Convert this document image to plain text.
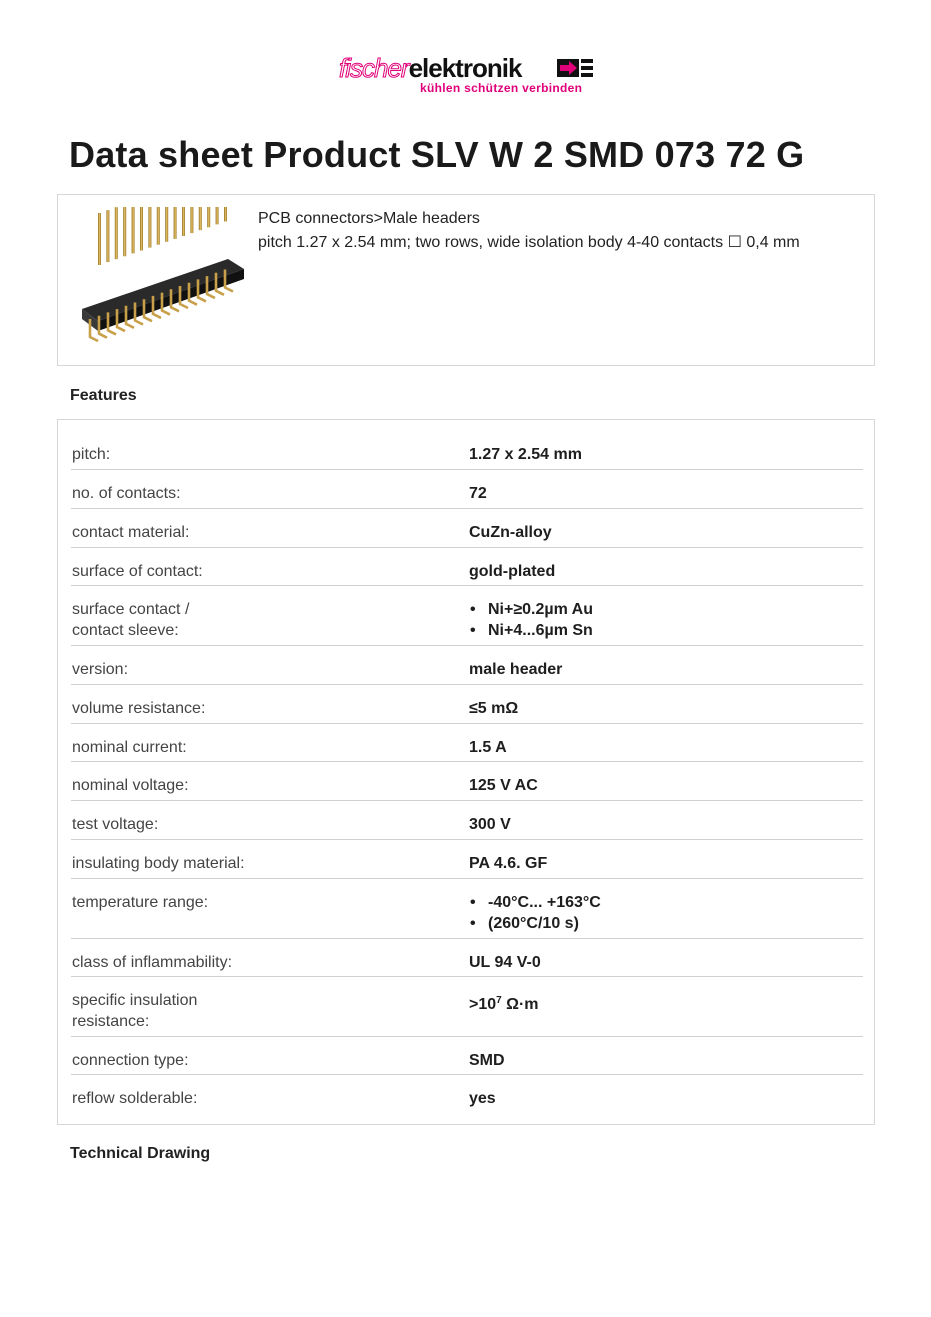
fischerelektronik
kühlen schützen verbinden
Data sheet Product SLV W 2 SMD 073 72 G
PCB connectors>Male headers
pitch 1.27 x 2.54 mm; two rows, wide isolation body 4-40 contacts ☐ 0,4 mm
Features
pitch:	1.27 x 2.54 mm
no. of contacts:	72
contact material:	CuZn-alloy
surface of contact:	gold-plated
surface contact /
contact sleeve:
• Ni+≥0.2µm Au
• Ni+4...6µm Sn
version:	male header
volume resistance:	≤5 mΩ
nominal current:	1.5 A
nominal voltage:	125 V AC
test voltage:	300 V
insulating body material:	PA 4.6. GF
temperature range:
•	-40°C... +163°C
• (260°C/10 s)
class of inflammability:	UL 94 V-0
specific insulation
resistance:
$>10^7$ Ω·m
connection type:	SMD
reflow solderable:	yes
Technical Drawing
